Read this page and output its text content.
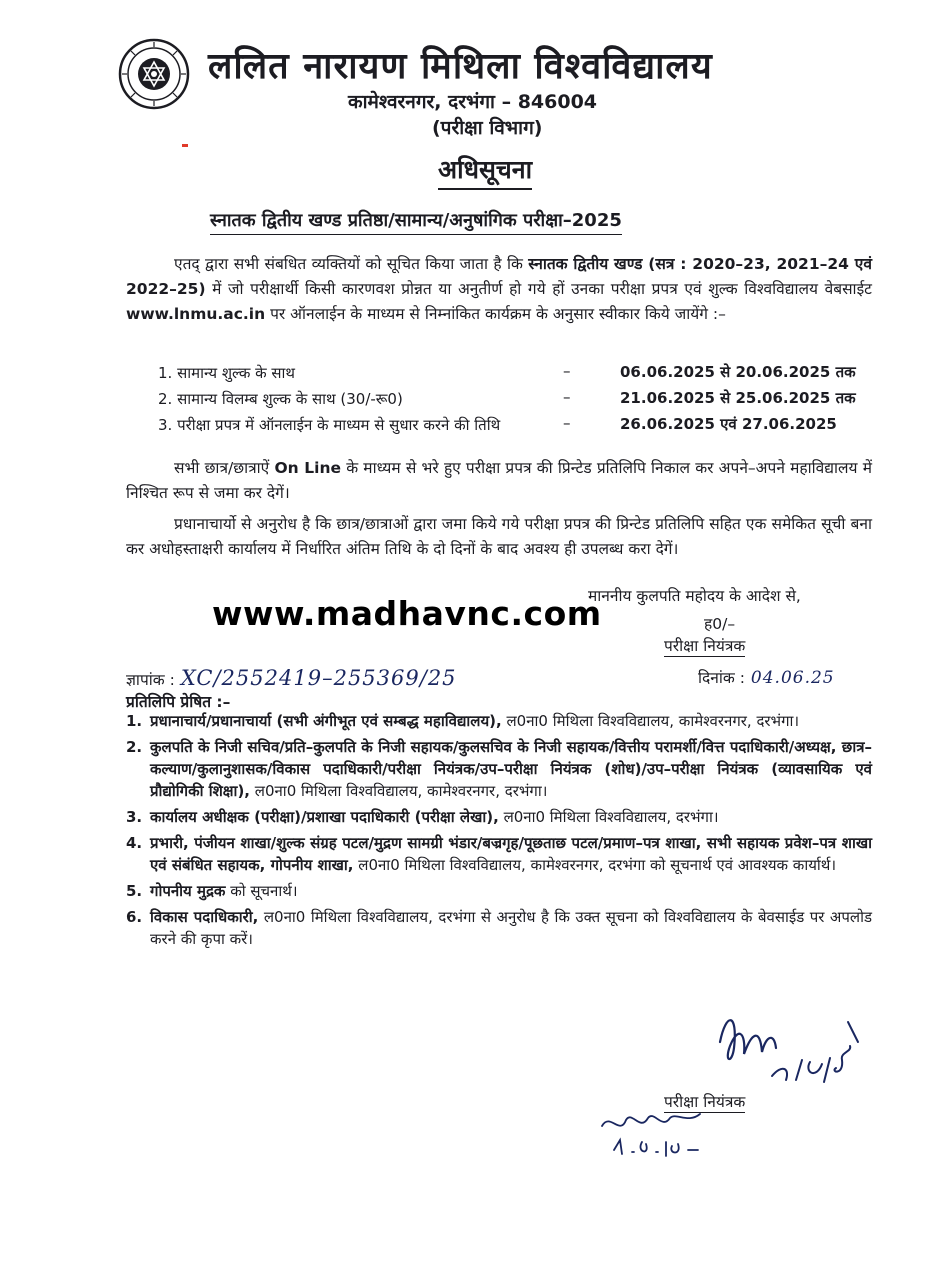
ललित नारायण मिथिला विश्वविद्यालय
कामेश्वरनगर, दरभंगा – 846004
(परीक्षा विभाग)
अधिसूचना
स्नातक द्वितीय खण्ड प्रतिष्ठा/सामान्य/अनुषांगिक परीक्षा–2025
एतद् द्वारा सभी संबधित व्यक्तियों को सूचित किया जाता है कि स्नातक द्वितीय खण्ड (सत्र : 2020–23, 2021–24 एवं 2022–25) में जो परीक्षार्थी किसी कारणवश प्रोन्नत या अनुतीर्ण हो गये हों उनका परीक्षा प्रपत्र एवं शुल्क विश्वविद्यालय वेबसाईट www.lnmu.ac.in पर ऑनलाईन के माध्यम से निम्नांकित कार्यक्रम के अनुसार स्वीकार किये जायेंगे :–
1. सामान्य शुल्क के साथ	–	06.06.2025 से 20.06.2025 तक
2. सामान्य विलम्ब शुल्क के साथ (30/-रू0)	–	21.06.2025 से 25.06.2025 तक
3. परीक्षा प्रपत्र में ऑनलाईन के माध्यम से सुधार करने की तिथि	–	26.06.2025 एवं 27.06.2025
सभी छात्र/छात्राऐं On Line के माध्यम से भरे हुए परीक्षा प्रपत्र की प्रिन्टेड प्रतिलिपि निकाल कर अपने–अपने महाविद्यालय में निश्चित रूप से जमा कर देगें।
प्रधानाचार्यो से अनुरोध है कि छात्र/छात्राओं द्वारा जमा किये गये परीक्षा प्रपत्र की प्रिन्टेड प्रतिलिपि सहित एक समेकित सूची बना कर अधोहस्ताक्षरी कार्यालय में निर्धारित अंतिम तिथि के दो दिनों के बाद अवश्य ही उपलब्ध करा देगें।
माननीय कुलपति महोदय के आदेश से,
ह0/–
परीक्षा नियंत्रक
www.madhavnc.com
ज्ञापांक : XC/2552419–255369/25	दिनांक : 04.06.25
प्रतिलिपि प्रेषित :–
1. प्रधानाचार्य/प्रधानाचार्या (सभी अंगीभूत एवं सम्बद्ध महाविद्यालय), ल0ना0 मिथिला विश्वविद्यालय, कामेश्वरनगर, दरभंगा।
2. कुलपति के निजी सचिव/प्रति–कुलपति के निजी सहायक/कुलसचिव के निजी सहायक/वित्तीय परामर्शी/वित्त पदाधिकारी/अध्यक्ष, छात्र–कल्याण/कुलानुशासक/विकास पदाधिकारी/परीक्षा नियंत्रक/उप–परीक्षा नियंत्रक (शोध)/उप–परीक्षा नियंत्रक (व्यावसायिक एवं प्रौद्योगिकी शिक्षा), ल0ना0 मिथिला विश्वविद्यालय, कामेश्वरनगर, दरभंगा।
3. कार्यालय अधीक्षक (परीक्षा)/प्रशाखा पदाधिकारी (परीक्षा लेखा), ल0ना0 मिथिला विश्वविद्यालय, दरभंगा।
4. प्रभारी, पंजीयन शाखा/शुल्क संग्रह पटल/मुद्रण सामग्री भंडार/बज्रगृह/पूछताछ पटल/प्रमाण–पत्र शाखा, सभी सहायक प्रवेश–पत्र शाखा एवं संबंधित सहायक, गोपनीय शाखा, ल0ना0 मिथिला विश्वविद्यालय, कामेश्वरनगर, दरभंगा को सूचनार्थ एवं आवश्यक कार्यार्थ।
5. गोपनीय मुद्रक को सूचनार्थ।
6. विकास पदाधिकारी, ल0ना0 मिथिला विश्वविद्यालय, दरभंगा से अनुरोध है कि उक्त सूचना को विश्वविद्यालय के बेवसाईड पर अपलोड करने की कृपा करें।
परीक्षा नियंत्रक
